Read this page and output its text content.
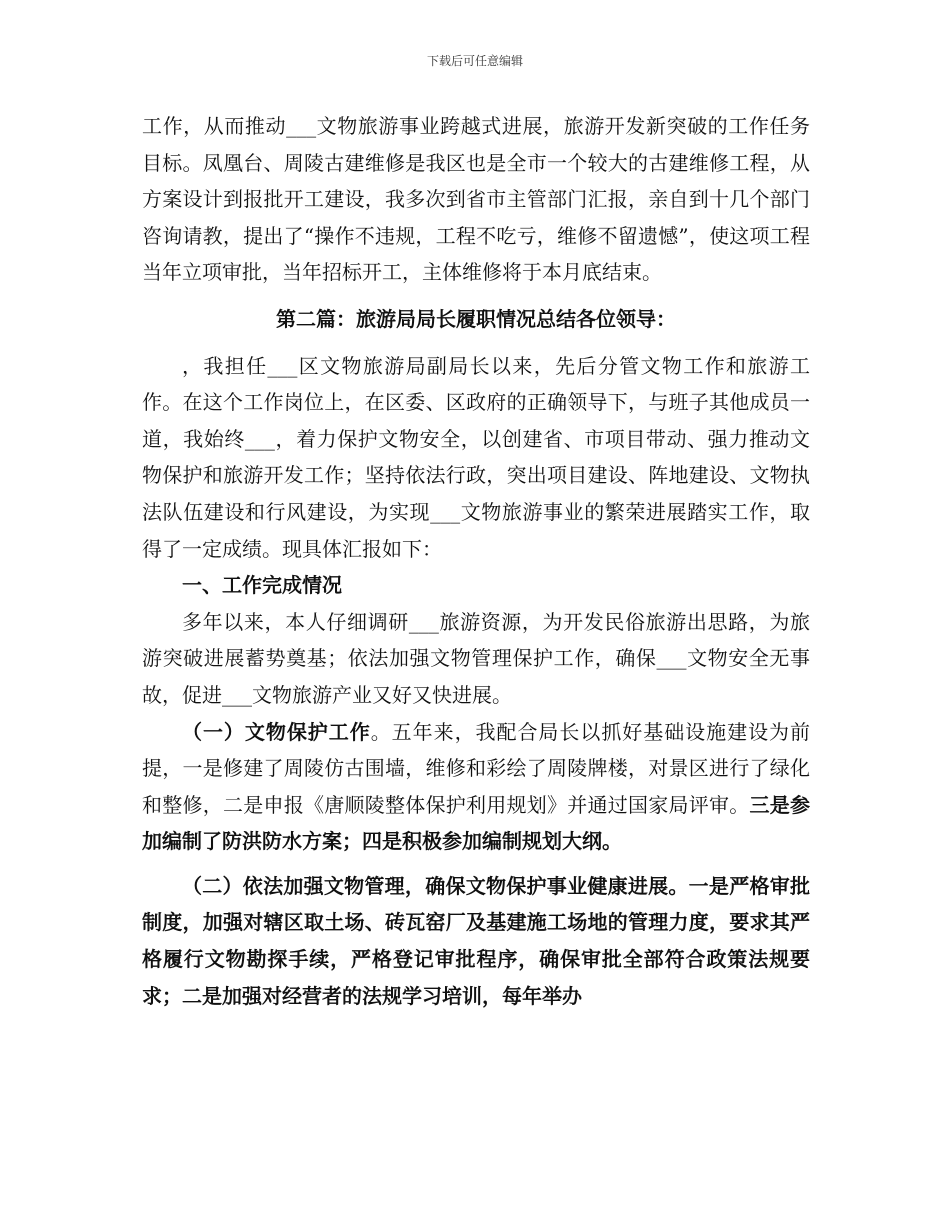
下载后可任意编辑

工作，从而推动___文物旅游事业跨越式进展，旅游开发新突破的工作任务目标。凤凰台、周陵古建维修是我区也是全市一个较大的古建维修工程，从方案设计到报批开工建设，我多次到省市主管部门汇报，亲自到十几个部门咨询请教，提出了“操作不违规，工程不吃亏，维修不留遗憾”，使这项工程当年立项审批，当年招标开工，主体维修将于本月底结束。

第二篇：旅游局局长履职情况总结各位领导：

，我担任___区文物旅游局副局长以来，先后分管文物工作和旅游工作。在这个工作岗位上，在区委、区政府的正确领导下，与班子其他成员一道，我始终___，着力保护文物安全，以创建省、市项目带动、强力推动文物保护和旅游开发工作；坚持依法行政，突出项目建设、阵地建设、文物执法队伍建设和行风建设，为实现___文物旅游事业的繁荣进展踏实工作，取得了一定成绩。现具体汇报如下：

一、工作完成情况

多年以来，本人仔细调研___旅游资源，为开发民俗旅游出思路，为旅游突破进展蓄势奠基；依法加强文物管理保护工作，确保___文物安全无事故，促进___文物旅游产业又好又快进展。

（一）文物保护工作。五年来，我配合局长以抓好基础设施建设为前提，一是修建了周陵仿古围墙，维修和彩绘了周陵牌楼，对景区进行了绿化和整修，二是申报《唐顺陵整体保护利用规划》并通过国家局评审。三是参加编制了防洪防水方案；四是积极参加编制规划大纲。

（二）依法加强文物管理，确保文物保护事业健康进展。一是严格审批制度，加强对辖区取土场、砖瓦窑厂及基建施工场地的管理力度，要求其严格履行文物勘探手续，严格登记审批程序，确保审批全部符合政策法规要求；二是加强对经营者的法规学习培训，每年举办
